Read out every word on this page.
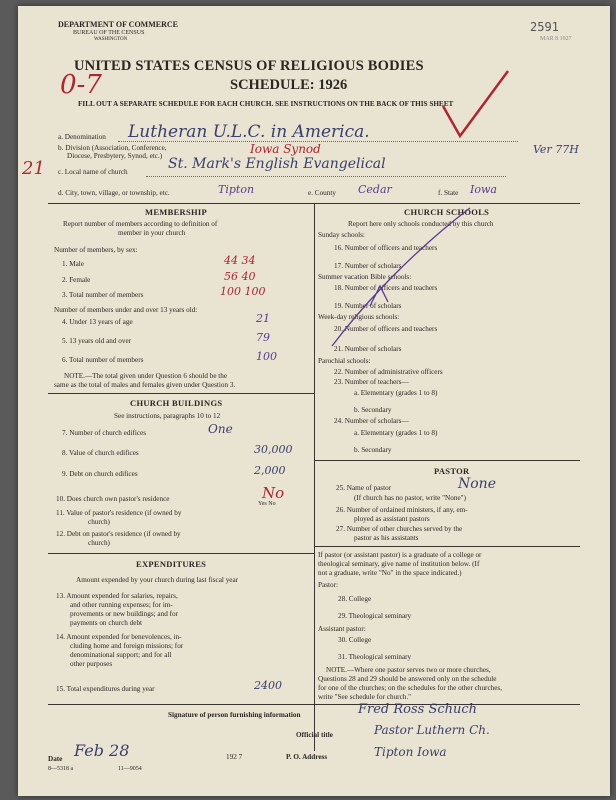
DEPARTMENT OF COMMERCE
BUREAU OF THE CENSUS
WASHINGTON
2591
MAR 8 1927
UNITED STATES CENSUS OF RELIGIOUS BODIES
SCHEDULE: 1926
FILL OUT A SEPARATE SCHEDULE FOR EACH CHURCH. SEE INSTRUCTIONS ON THE BACK OF THIS SHEET
0-7
21
a. Denomination Lutheran U.L.C. in America.
b. Division (Association, Conference,
Diocese, Presbytery, Synod, etc.)	Iowa Synod
c. Local name of church	St. Mark's English Evangelical
Ver 77H
d. City, town, village, or township, etc.	Tipton	e. County Cedar	f. State Iowa
MEMBERSHIP
Report number of members according to definition of
member in your church
Number of members, by sex:
1. Male	44 34
2. Female	56 40
3. Total number of members	100 100
Number of members under and over 13 years old:
4. Under 13 years of age	21
5. 13 years old and over	79
6. Total number of members	100
NOTE.—The total given under Question 6 should be the
same as the total of males and females given under Question 3.
CHURCH BUILDINGS
See instructions, paragraphs 10 to 12
7. Number of church edifices	One
8. Value of church edifices	30,000
9. Debt on church edifices	2,000
10. Does church own pastor's residence	No
Yes No
11. Value of pastor's residence (if owned by
church)
12. Debt on pastor's residence (if owned by
church)
EXPENDITURES
Amount expended by your church during last fiscal year
13. Amount expended for salaries, repairs,
and other running expenses; for im-
provements or new buildings; and for
payments on church debt
14. Amount expended for benevolences, in-
cluding home and foreign missions; for
denominational support; and for all
other purposes
15. Total expenditures during year	2400
CHURCH SCHOOLS
Report here only schools conducted by this church
Sunday schools:
16. Number of officers and teachers
17. Number of scholars
Summer vacation Bible schools:
18. Number of officers and teachers
19. Number of scholars
Week-day religious schools:
20. Number of officers and teachers
21. Number of scholars
Parochial schools:
22. Number of administrative officers
23. Number of teachers—
a. Elementary (grades 1 to 8)
b. Secondary
24. Number of scholars—
a. Elementary (grades 1 to 8)
b. Secondary
PASTOR
25. Name of pastor	None
(If church has no pastor, write "None")
26. Number of ordained ministers, if any, em-
ployed as assistant pastors
27. Number of other churches served by the
pastor as his assistants
If pastor (or assistant pastor) is a graduate of a college or
theological seminary, give name of institution below. (If
not a graduate, write "No" in the space indicated.)
Pastor:
28. College
29. Theological seminary
Assistant pastor:
30. College
31. Theological seminary
NOTE.—Where one pastor serves two or more churches,
Questions 28 and 29 should be answered only on the schedule
for one of the churches; on the schedules for the other churches,
write "See schedule for church."
Signature of person furnishing information	Fred Ross Schuch
Official title	Pastor Luthern Ch.
Date Feb 28	192 7	P. O. Address	Tipton Iowa
8—5318 a	11—9054
